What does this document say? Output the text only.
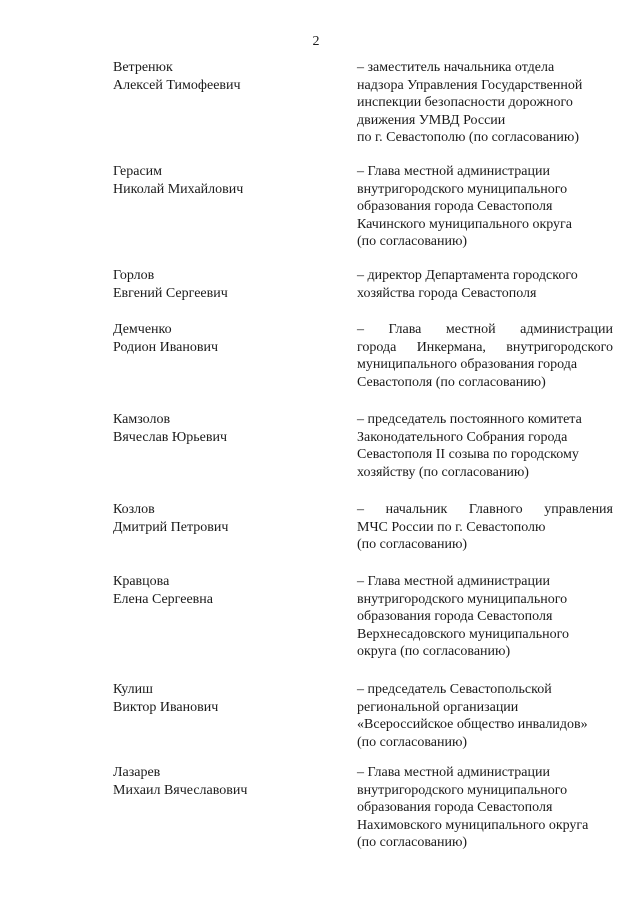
2
Ветренюк
Алексей Тимофеевич
– заместитель начальника отдела
надзора Управления Государственной
инспекции безопасности дорожного
движения УМВД России
по г. Севастополю (по согласованию)
Герасим
Николай Михайлович
– Глава местной администрации
внутригородского муниципального
образования города Севастополя
Качинского муниципального округа
(по согласованию)
Горлов
Евгений Сергеевич
– директор Департамента городского
хозяйства города Севастополя
Демченко
Родион Иванович
– Глава местной администрации
города Инкермана, внутригородского
муниципального образования города
Севастополя (по согласованию)
Камзолов
Вячеслав Юрьевич
– председатель постоянного комитета
Законодательного Собрания города
Севастополя II созыва по городскому
хозяйству (по согласованию)
Козлов
Дмитрий Петрович
– начальник Главного управления
МЧС России по г. Севастополю
(по согласованию)
Кравцова
Елена Сергеевна
– Глава местной администрации
внутригородского муниципального
образования города Севастополя
Верхнесадовского муниципального
округа (по согласованию)
Кулиш
Виктор Иванович
– председатель Севастопольской
региональной организации
«Всероссийское общество инвалидов»
(по согласованию)
Лазарев
Михаил Вячеславович
– Глава местной администрации
внутригородского муниципального
образования города Севастополя
Нахимовского муниципального округа
(по согласованию)
